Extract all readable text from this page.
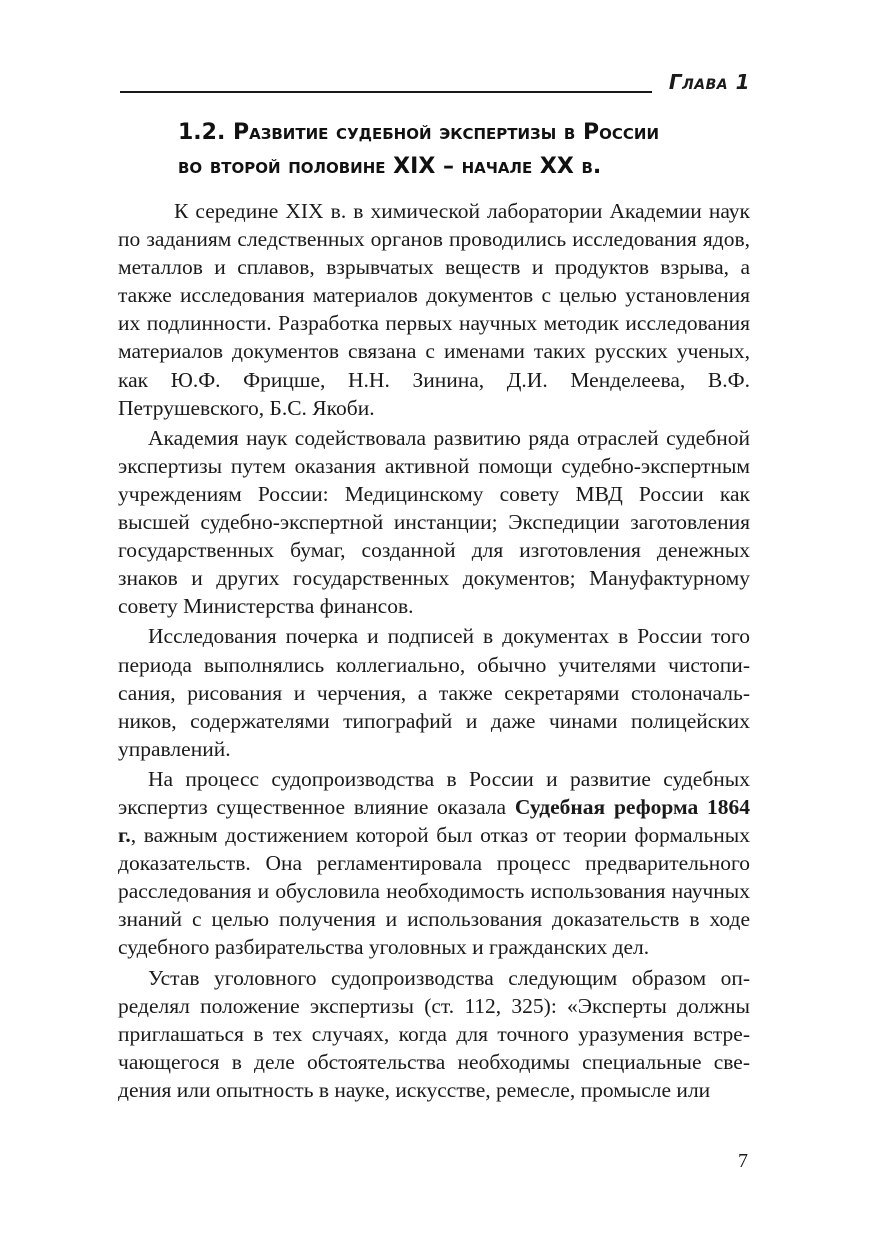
Глава 1
1.2. Развитие судебной экспертизы в России
во второй половине XIX – начале XX в.

К середине XIX в. в химической лаборатории Академии наук по заданиям следственных органов проводились исследования ядов, металлов и сплавов, взрывчатых веществ и продуктов взрыва, а также исследования материалов документов с целью установления их подлинности. Разработка первых научных методик исследования материалов документов связана с именами таких русских ученых, как Ю.Ф. Фрицше, Н.Н. Зинина, Д.И. Менделеева, В.Ф. Петрушевского, Б.С. Якоби.

Академия наук содействовала развитию ряда отраслей судебной экспертизы путем оказания активной помощи судебно-экспертным учреждениям России: Медицинскому совету МВД России как высшей судебно-экспертной инстанции; Экспедиции заготовления государственных бумаг, созданной для изготовления денежных знаков и других государственных документов; Мануфактурному совету Министерства финансов.

Исследования почерка и подписей в документах в России того периода выполнялись коллегиально, обычно учителями чистописания, рисования и черчения, а также секретарями столоначальников, содержателями типографий и даже чинами полицейских управлений.

На процесс судопроизводства в России и развитие судебных экспертиз существенное влияние оказала Судебная реформа 1864 г., важным достижением которой был отказ от теории формальных доказательств. Она регламентировала процесс предварительного расследования и обусловила необходимость использования научных знаний с целью получения и использования доказательств в ходе судебного разбирательства уголовных и гражданских дел.

Устав уголовного судопроизводства следующим образом определял положение экспертизы (ст. 112, 325): «Эксперты должны приглашаться в тех случаях, когда для точного уразумения встречающегося в деле обстоятельства необходимы специальные сведения или опытность в науке, искусстве, ремесле, промысле или

7
